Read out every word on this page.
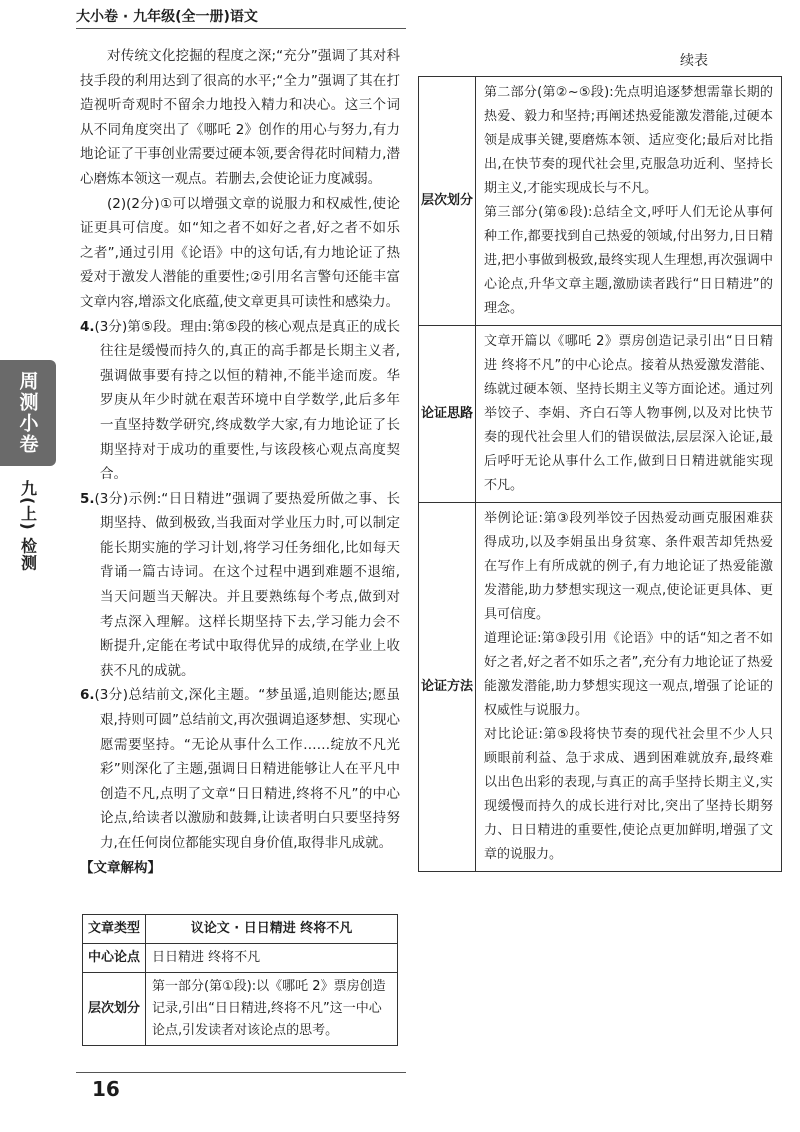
大小卷 · 九年级(全一册)语文
周测小卷
九(上) 检测

对传统文化挖掘的程度之深;“充分”强调了其对科技手段的利用达到了很高的水平;“全力”强调了其在打造视听奇观时不留余力地投入精力和决心。这三个词从不同角度突出了《哪吒 2》创作的用心与努力,有力地论证了干事创业需要过硬本领,要舍得花时间精力,潜心磨炼本领这一观点。若删去,会使论证力度减弱。

(2)(2分)①可以增强文章的说服力和权威性,使论证更具可信度。如“知之者不如好之者,好之者不如乐之者”,通过引用《论语》中的这句话,有力地论证了热爱对于激发人潜能的重要性;②引用名言警句还能丰富文章内容,增添文化底蕴,使文章更具可读性和感染力。

4.(3分)第⑤段。理由:第⑤段的核心观点是真正的成长往往是缓慢而持久的,真正的高手都是长期主义者,强调做事要有持之以恒的精神,不能半途而废。华罗庚从年少时就在艰苦环境中自学数学,此后多年一直坚持数学研究,终成数学大家,有力地论证了长期坚持对于成功的重要性,与该段核心观点高度契合。

5.(3分)示例:“日日精进”强调了要热爱所做之事、长期坚持、做到极致,当我面对学业压力时,可以制定能长期实施的学习计划,将学习任务细化,比如每天背诵一篇古诗词。在这个过程中遇到难题不退缩,当天问题当天解决。并且要熟练每个考点,做到对考点深入理解。这样长期坚持下去,学习能力会不断提升,定能在考试中取得优异的成绩,在学业上收获不凡的成就。

6.(3分)总结前文,深化主题。“梦虽遥,追则能达;愿虽艰,持则可圆”总结前文,再次强调追逐梦想、实现心愿需要坚持。“无论从事什么工作……绽放不凡光彩”则深化了主题,强调日日精进能够让人在平凡中创造不凡,点明了文章“日日精进,终将不凡”的中心论点,给读者以激励和鼓舞,让读者明白只要坚持努力,在任何岗位都能实现自身价值,取得非凡成就。

【文章解构】

文章类型	议论文 · 日日精进 终将不凡
中心论点	日日精进 终将不凡
层次划分	第一部分(第①段):以《哪吒 2》票房创造记录,引出“日日精进,终将不凡”这一中心论点,引发读者对该论点的思考。
续表
层次划分	第二部分(第②~⑤段):先点明追逐梦想需靠长期的热爱、毅力和坚持;再阐述热爱能激发潜能,过硬本领是成事关键,要磨炼本领、适应变化;最后对比指出,在快节奏的现代社会里,克服急功近利、坚持长期主义,才能实现成长与不凡。

第三部分(第⑥段):总结全文,呼吁人们无论从事何种工作,都要找到自己热爱的领域,付出努力,日日精进,把小事做到极致,最终实现人生理想,再次强调中心论点,升华文章主题,激励读者践行“日日精进”的理念。

论证思路	文章开篇以《哪吒 2》票房创造记录引出“日日精进 终将不凡”的中心论点。接着从热爱激发潜能、练就过硬本领、坚持长期主义等方面论述。通过列举饺子、李娟、齐白石等人物事例,以及对比快节奏的现代社会里人们的错误做法,层层深入论证,最后呼吁无论从事什么工作,做到日日精进就能实现不凡。
论证方法	举例论证:第③段列举饺子因热爱动画克服困难获得成功,以及李娟虽出身贫寒、条件艰苦却凭热爱在写作上有所成就的例子,有力地论证了热爱能激发潜能,助力梦想实现这一观点,使论证更具体、更具可信度。

道理论证:第③段引用《论语》中的话“知之者不如好之者,好之者不如乐之者”,充分有力地论证了热爱能激发潜能,助力梦想实现这一观点,增强了论证的权威性与说服力。

对比论证:第⑤段将快节奏的现代社会里不少人只顾眼前利益、急于求成、遇到困难就放弃,最终难以出色出彩的表现,与真正的高手坚持长期主义,实现缓慢而持久的成长进行对比,突出了坚持长期努力、日日精进的重要性,使论点更加鲜明,增强了文章的说服力。

16
